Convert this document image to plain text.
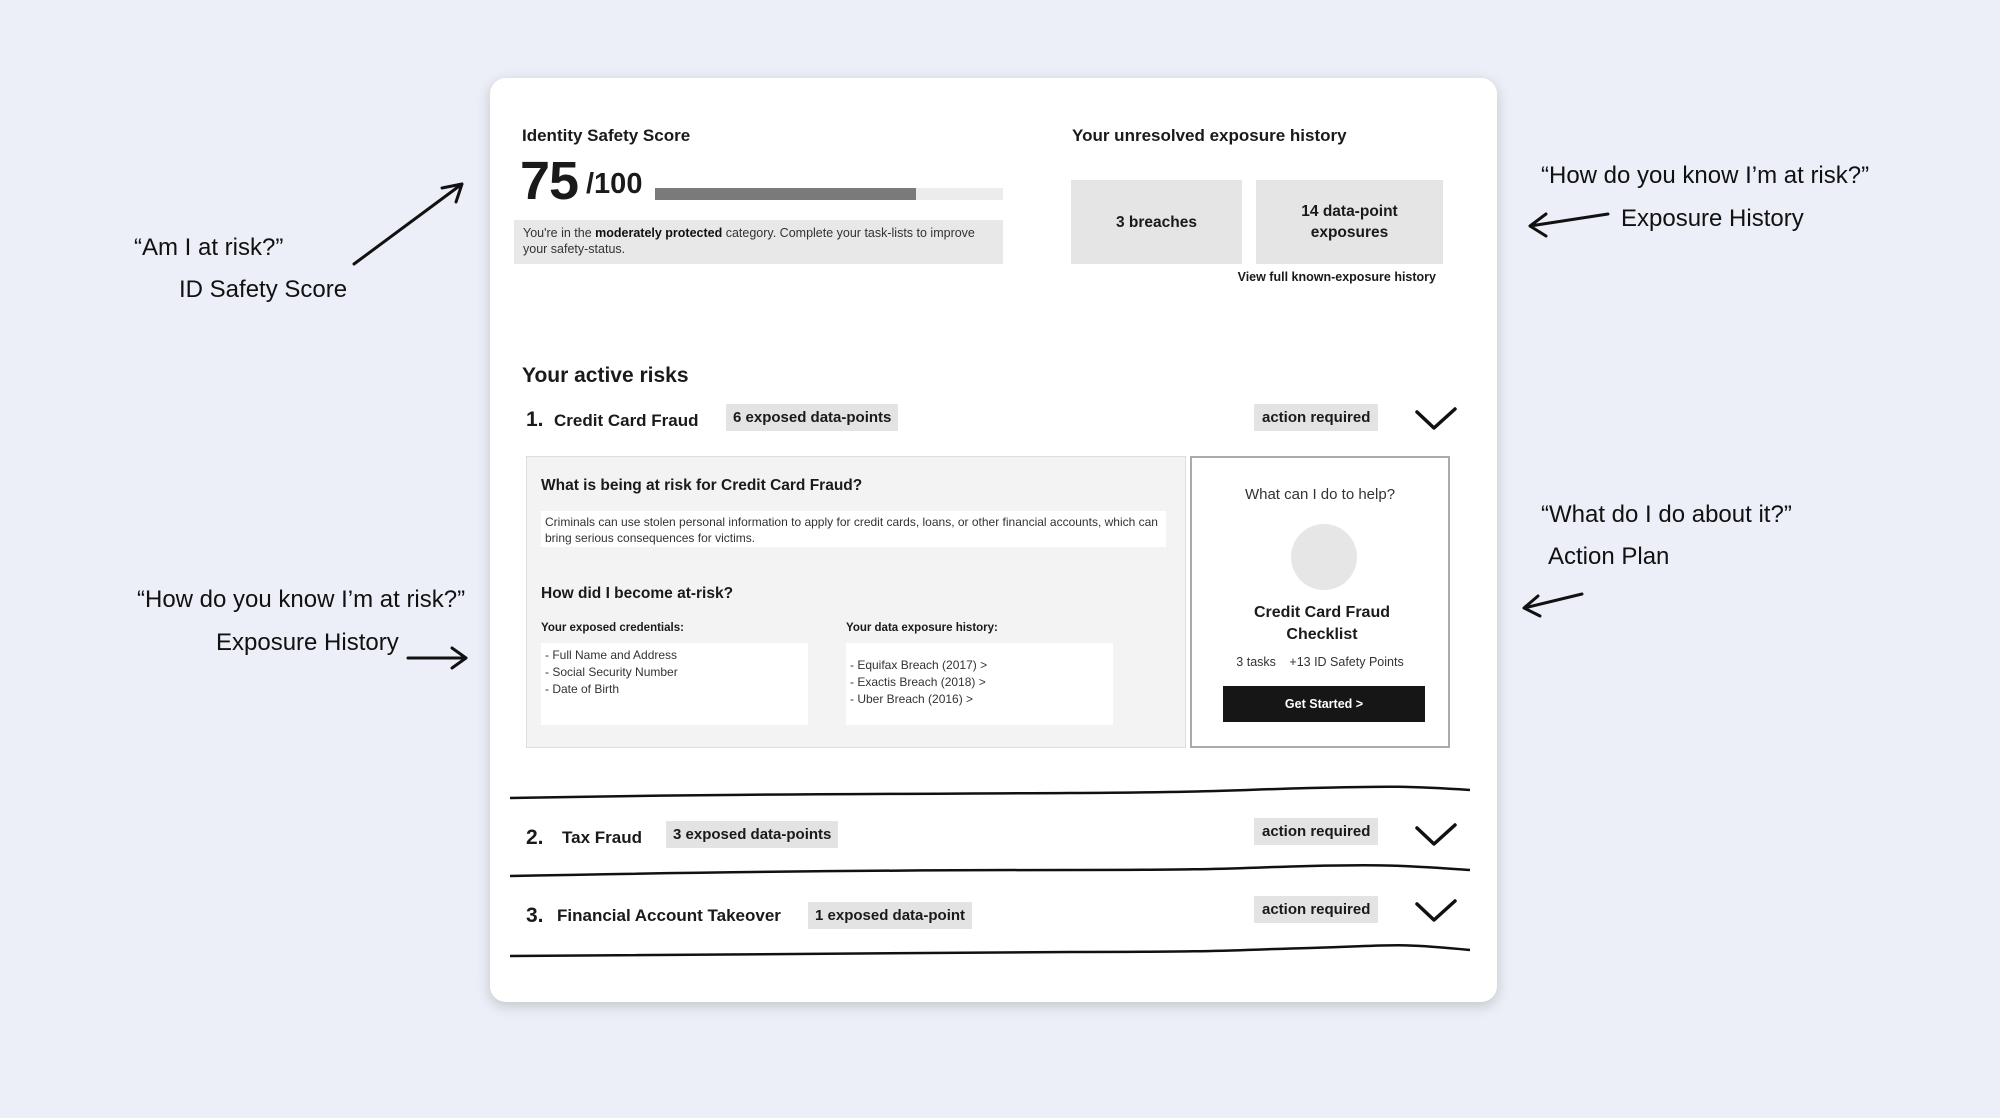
“Am I at risk?”
ID Safety Score
“How do you know I’m at risk?”
Exposure History
“What do I do about it?”
Action Plan
“How do you know I’m at risk?”
Exposure History
Identity Safety Score
75 /100
You're in the moderately protected category. Complete your task-lists to improve your safety-status.
Your unresolved exposure history
3 breaches
14 data-point exposures
View full known-exposure history
Your active risks
1. Credit Card Fraud	6 exposed data-points	action required
What is being at risk for Credit Card Fraud?
Criminals can use stolen personal information to apply for credit cards, loans, or other financial accounts, which can bring serious consequences for victims.
How did I become at-risk?
Your exposed credentials:
- Full Name and Address
- Social Security Number
- Date of Birth
Your data exposure history:
- Equifax Breach (2017) >
- Exactis Breach (2018) >
- Uber Breach (2016) >
What can I do to help?
Credit Card Fraud Checklist
3 tasks +13 ID Safety Points
Get Started >
2. Tax Fraud	3 exposed data-points	action required
3. Financial Account Takeover	1 exposed data-point	action required
